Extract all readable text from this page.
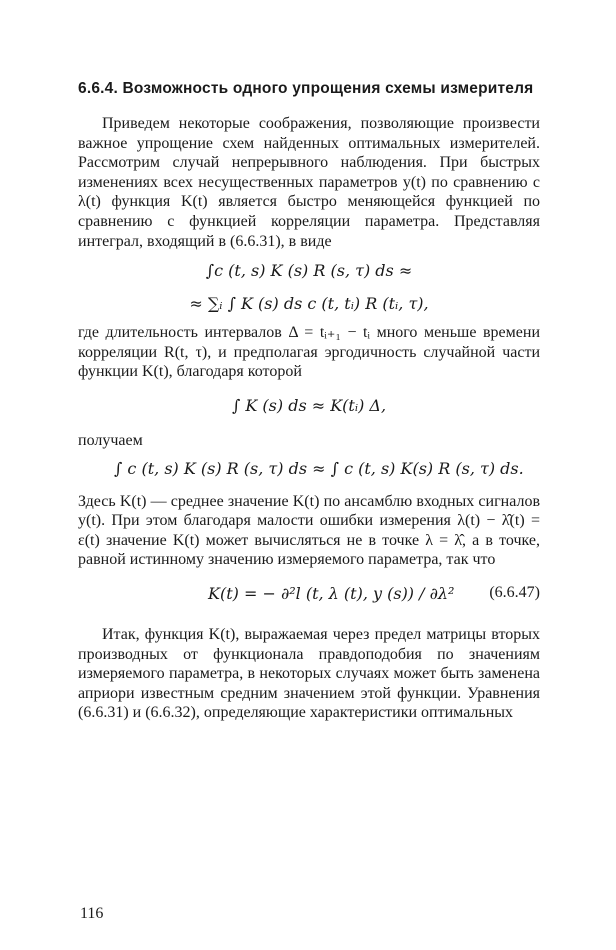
6.6.4. Возможность одного упрощения схемы измерителя

Приведем некоторые соображения, позволяющие произвести важное упрощение схем найденных оптимальных измерителей. Рассмотрим случай непрерывного наблюдения. При быстрых изменениях всех несущественных параметров y(t) по сравнению с λ(t) функция K(t) является быстро меняющейся функцией по сравнению с функцией корреляции параметра. Представляя интеграл, входящий в (6.6.31), в виде

∫c (t, s) K (s) R (s, τ) ds ≈
≈ ∑ᵢ ∫ K (s) ds c (t, tᵢ) R (tᵢ, τ),

где длительность интервалов Δ = tᵢ₊₁ − tᵢ много меньше времени корреляции R(t, τ), и предполагая эргодичность случайной части функции K(t), благодаря которой

∫ K (s) ds ≈ K(tᵢ) Δ,

получаем

∫ c (t, s) K (s) R (s, τ) ds ≈ ∫ c (t, s) K(s) R (s, τ) ds.

Здесь K(t) — среднее значение K(t) по ансамблю входных сигналов y(t). При этом благодаря малости ошибки измерения λ(t) − λ̂(t) = ε(t) значение K(t) может вычисляться не в точке λ = λ̂, а в точке, равной истинному значению измеряемого параметра, так что

K(t) = − ∂²l (t, λ (t), y (s)) / ∂λ² (6.6.47)

Итак, функция K(t), выражаемая через предел матрицы вторых производных от функционала правдоподобия по значениям измеряемого параметра, в некоторых случаях может быть заменена априори известным средним значением этой функции. Уравнения (6.6.31) и (6.6.32), определяющие характеристики оптимальных

116
